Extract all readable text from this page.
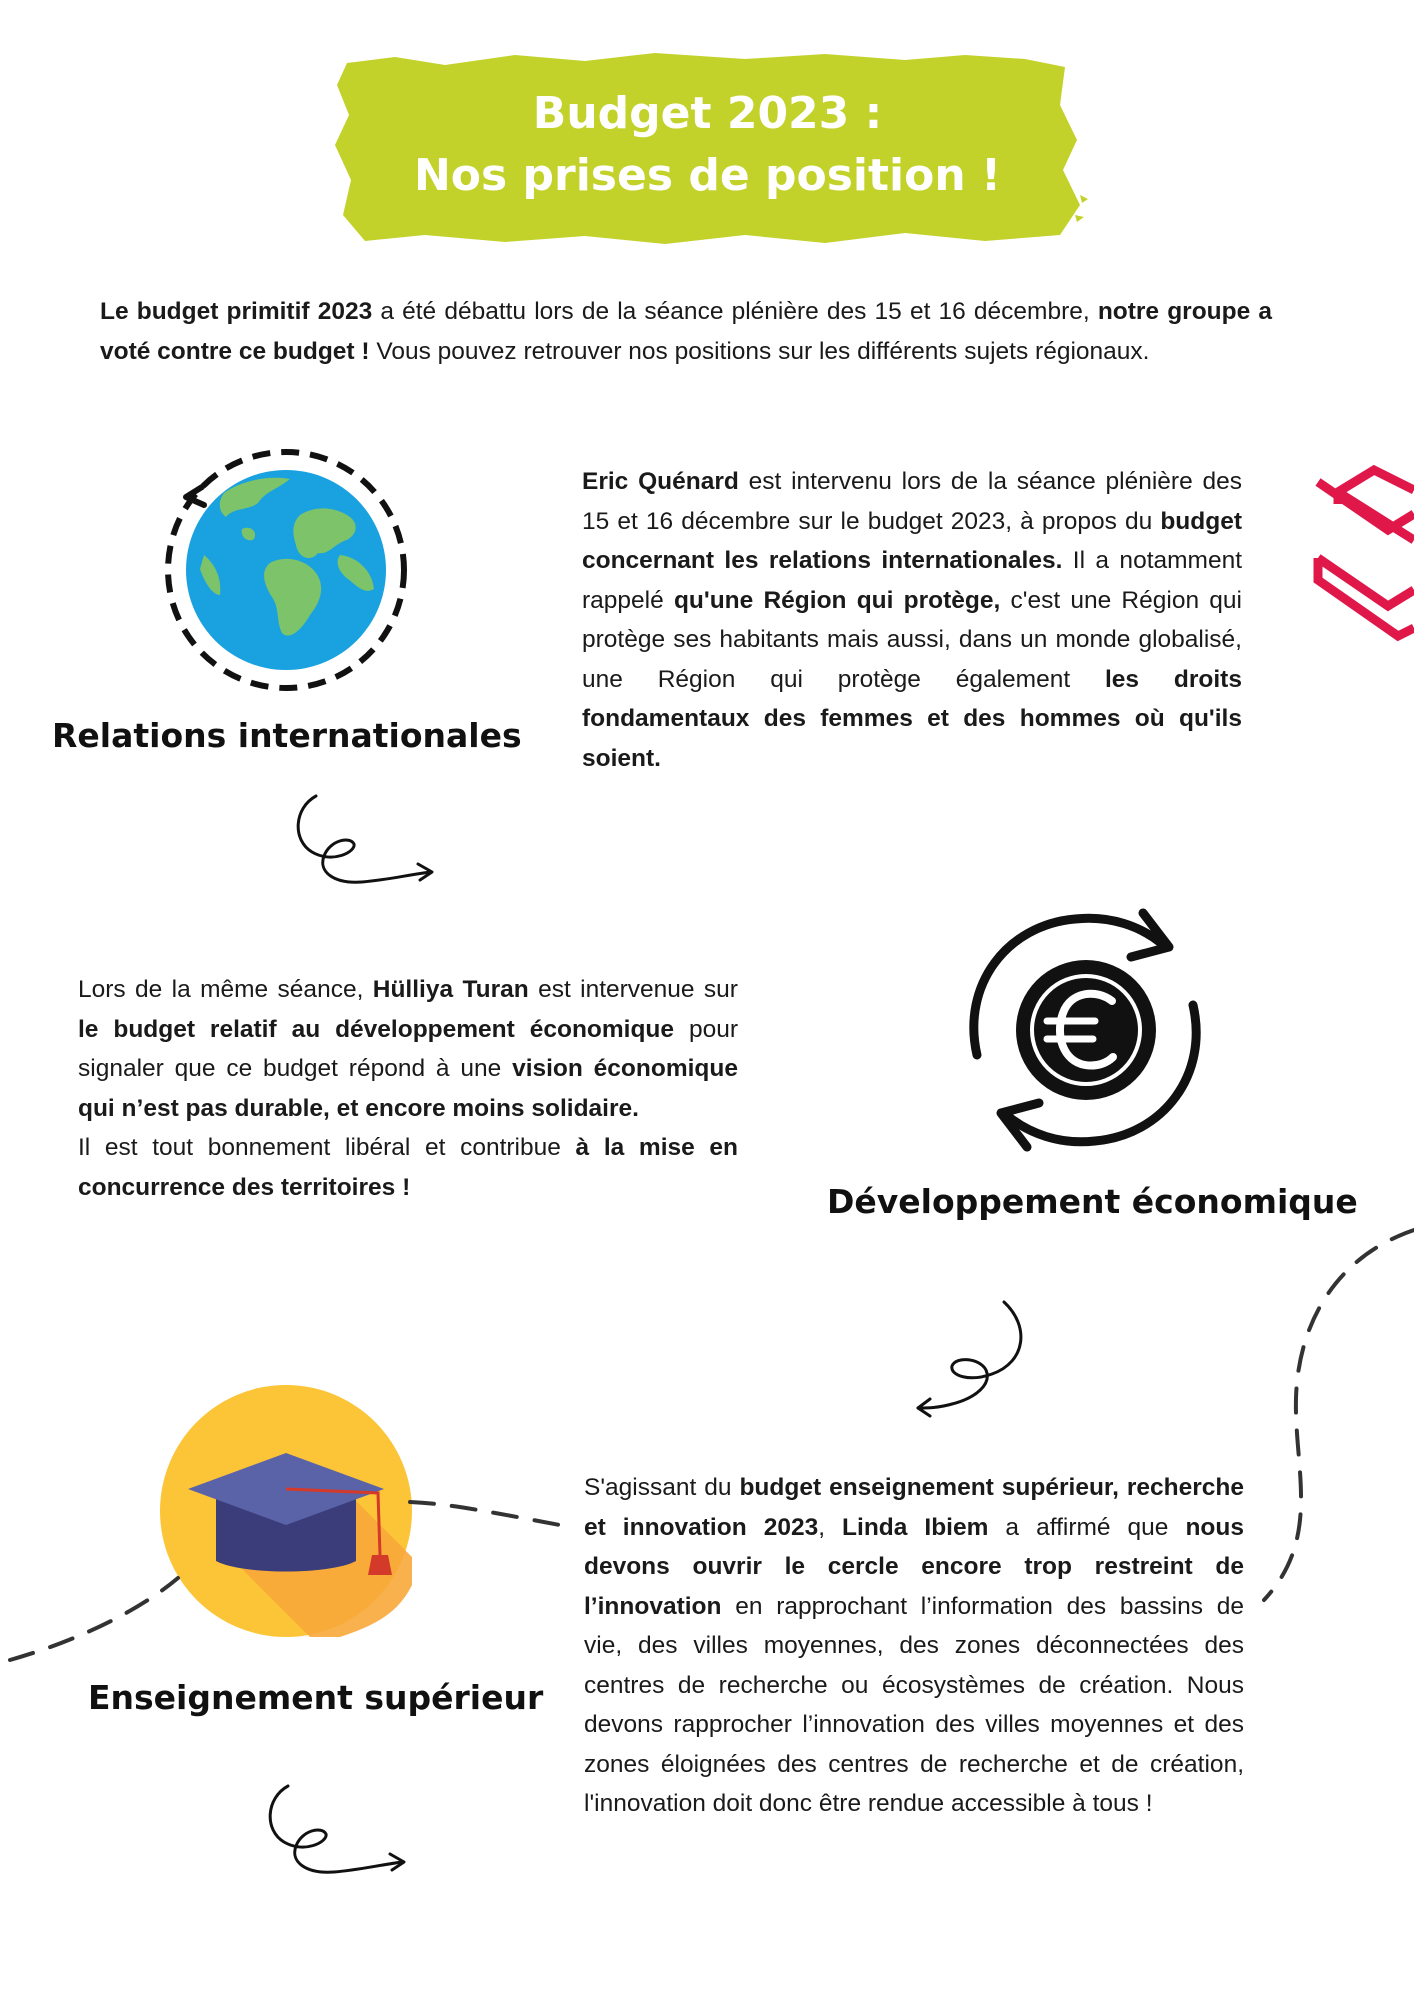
Budget 2023 :
Nos prises de position !
Le budget primitif 2023 a été débattu lors de la séance plénière des 15 et 16 décembre, notre groupe a voté contre ce budget ! Vous pouvez retrouver nos positions sur les différents sujets régionaux.
Relations internationales
Eric Quénard est intervenu lors de la séance plénière des 15 et 16 décembre sur le budget 2023, à propos du budget concernant les relations internationales. Il a notamment rappelé qu'une Région qui protège, c'est une Région qui protège ses habitants mais aussi, dans un monde globalisé, une Région qui protège également les droits fondamentaux des femmes et des hommes où qu'ils soient.
Lors de la même séance, Hülliya Turan est intervenue sur le budget relatif au développement économique pour signaler que ce budget répond à une vision économique qui n’est pas durable, et encore moins solidaire.
Il est tout bonnement libéral et contribue à la mise en concurrence des territoires !	Développement économique
Enseignement supérieur
S'agissant du budget enseignement supérieur, recherche et innovation 2023, Linda Ibiem a affirmé que nous devons ouvrir le cercle encore trop restreint de l’innovation en rapprochant l’information des bassins de vie, des villes moyennes, des zones déconnectées des centres de recherche ou écosystèmes de création. Nous devons rapprocher l’innovation des villes moyennes et des zones éloignées des centres de recherche et de création, l'innovation doit donc être rendue accessible à tous !
